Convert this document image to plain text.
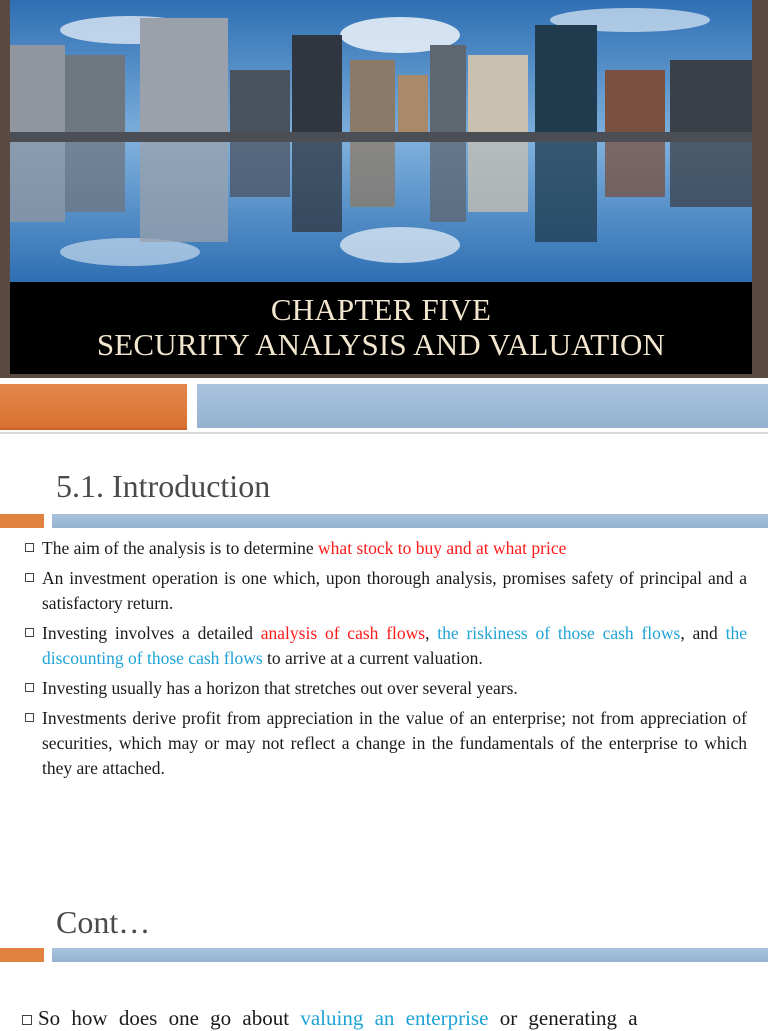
CHAPTER FIVE
SECURITY ANALYSIS AND VALUATION
5.1. Introduction
The aim of the analysis is to determine what stock to buy and at what price
An investment operation is one which, upon thorough analysis, promises safety of principal and a satisfactory return.
Investing involves a detailed analysis of cash flows, the riskiness of those cash flows, and the discounting of those cash flows to arrive at a current valuation.
Investing usually has a horizon that stretches out over several years.
Investments derive profit from appreciation in the value of an enterprise; not from appreciation of securities, which may or may not reflect a change in the fundamentals of the enterprise to which they are attached.
Cont…
So how does one go about valuing an enterprise or generating a
